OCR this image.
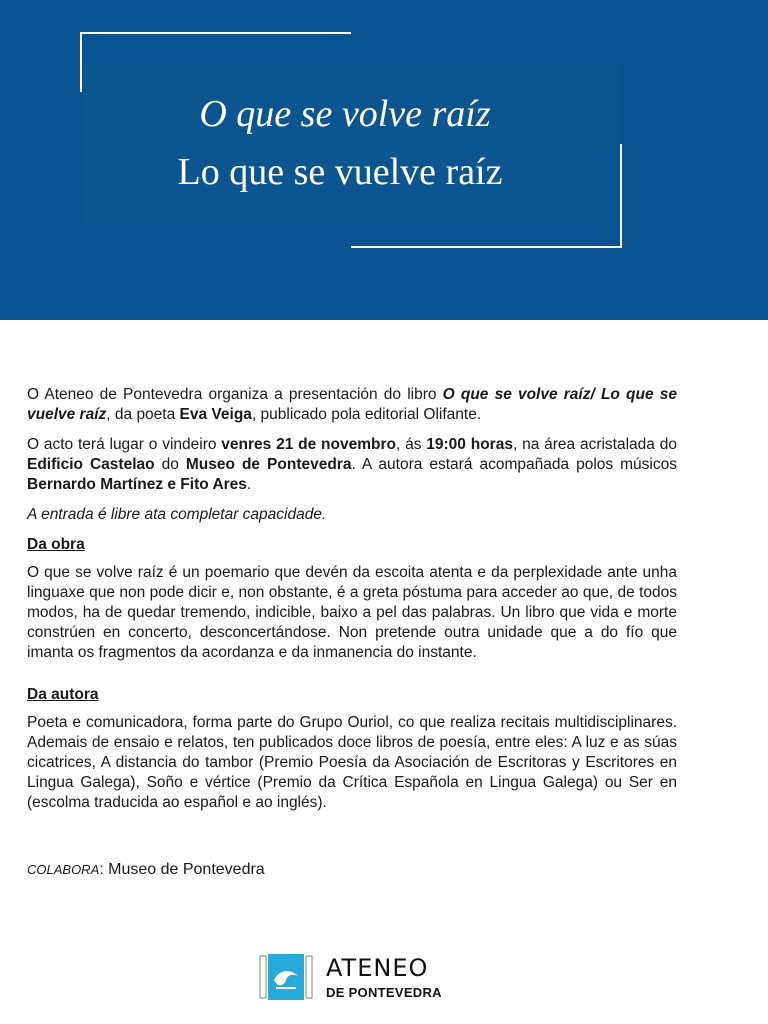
O que se volve raíz
Lo que se vuelve raíz

O Ateneo de Pontevedra organiza a presentación do libro O que se volve raíz/ Lo que se vuelve raíz, da poeta Eva Veiga, publicado pola editorial Olifante.

O acto terá lugar o vindeiro venres 21 de novembro, ás 19:00 horas, na área acristalada do Edificio Castelao do Museo de Pontevedra. A autora estará acompañada polos músicos Bernardo Martínez e Fito Ares.

A entrada é libre ata completar capacidade.

Da obra

O que se volve raíz é un poemario que devén da escoita atenta e da perplexidade ante unha linguaxe que non pode dicir e, non obstante, é a greta póstuma para acceder ao que, de todos modos, ha de quedar tremendo, indicible, baixo a pel das palabras. Un libro que vida e morte constrúen en concerto, desconcertándose. Non pretende outra unidade que a do fío que imanta os fragmentos da acordanza e da inmanencia do instante.

Da autora

Poeta e comunicadora, forma parte do Grupo Ouriol, co que realiza recitais multidisciplinares. Ademais de ensaio e relatos, ten publicados doce libros de poesía, entre eles: A luz e as súas cicatrices, A distancia do tambor (Premio Poesía da Asociación de Escritoras y Escritores en Lingua Galega), Soño e vértice (Premio da Crítica Española en Lingua Galega) ou Ser en (escolma traducida ao español e ao inglés).

COLABORA: Museo de Pontevedra
ATENEO
DE PONTEVEDRA
